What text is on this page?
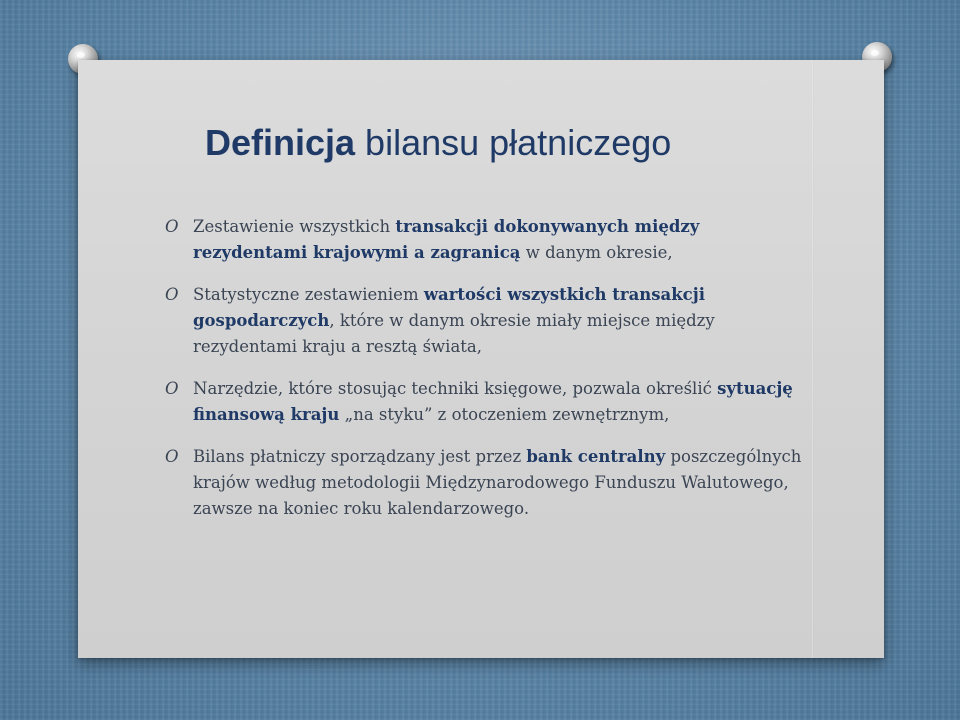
Definicja bilansu płatniczego
O Zestawienie wszystkich transakcji dokonywanych między rezydentami krajowymi a zagranicą w danym okresie,
O Statystyczne zestawieniem wartości wszystkich transakcji gospodarczych, które w danym okresie miały miejsce między rezydentami kraju a resztą świata,
O Narzędzie, które stosując techniki księgowe, pozwala określić sytuację finansową kraju „na styku” z otoczeniem zewnętrznym,
O Bilans płatniczy sporządzany jest przez bank centralny poszczególnych krajów według metodologii Międzynarodowego Funduszu Walutowego, zawsze na koniec roku kalendarzowego.
